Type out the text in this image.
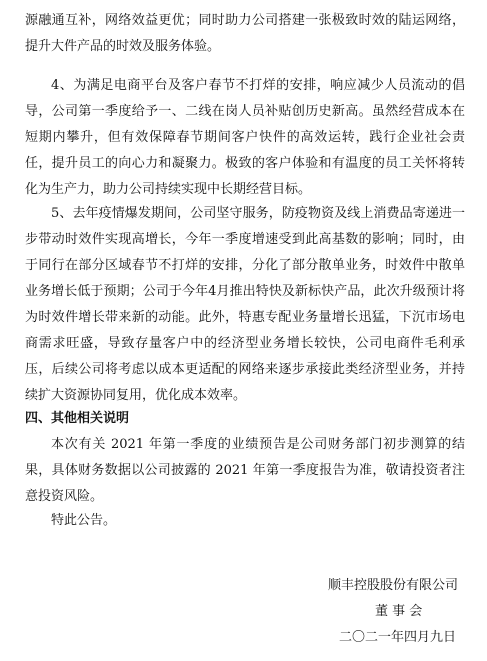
源融通互补，网络效益更优；同时助力公司搭建一张极致时效的陆运网络，提升大件产品的时效及服务体验。

4、为满足电商平台及客户春节不打烊的安排，响应减少人员流动的倡导，公司第一季度给予一、二线在岗人员补贴创历史新高。虽然经营成本在短期内攀升，但有效保障春节期间客户快件的高效运转，践行企业社会责任，提升员工的向心力和凝聚力。极致的客户体验和有温度的员工关怀将转化为生产力，助力公司持续实现中长期经营目标。

5、去年疫情爆发期间，公司坚守服务，防疫物资及线上消费品寄递进一步带动时效件实现高增长，今年一季度增速受到此高基数的影响；同时，由于同行在部分区域春节不打烊的安排，分化了部分散单业务，时效件中散单业务增长低于预期；公司于今年4月推出特快及新标快产品，此次升级预计将为时效件增长带来新的动能。此外，特惠专配业务量增长迅猛，下沉市场电商需求旺盛，导致存量客户中的经济型业务增长较快，公司电商件毛利承压，后续公司将考虑以成本更适配的网络来逐步承接此类经济型业务，并持续扩大资源协同复用，优化成本效率。

四、其他相关说明

本次有关 2021 年第一季度的业绩预告是公司财务部门初步测算的结果，具体财务数据以公司披露的 2021 年第一季度报告为准，敬请投资者注意投资风险。

特此公告。

顺丰控股股份有限公司

董 事 会

二〇二一年四月九日
